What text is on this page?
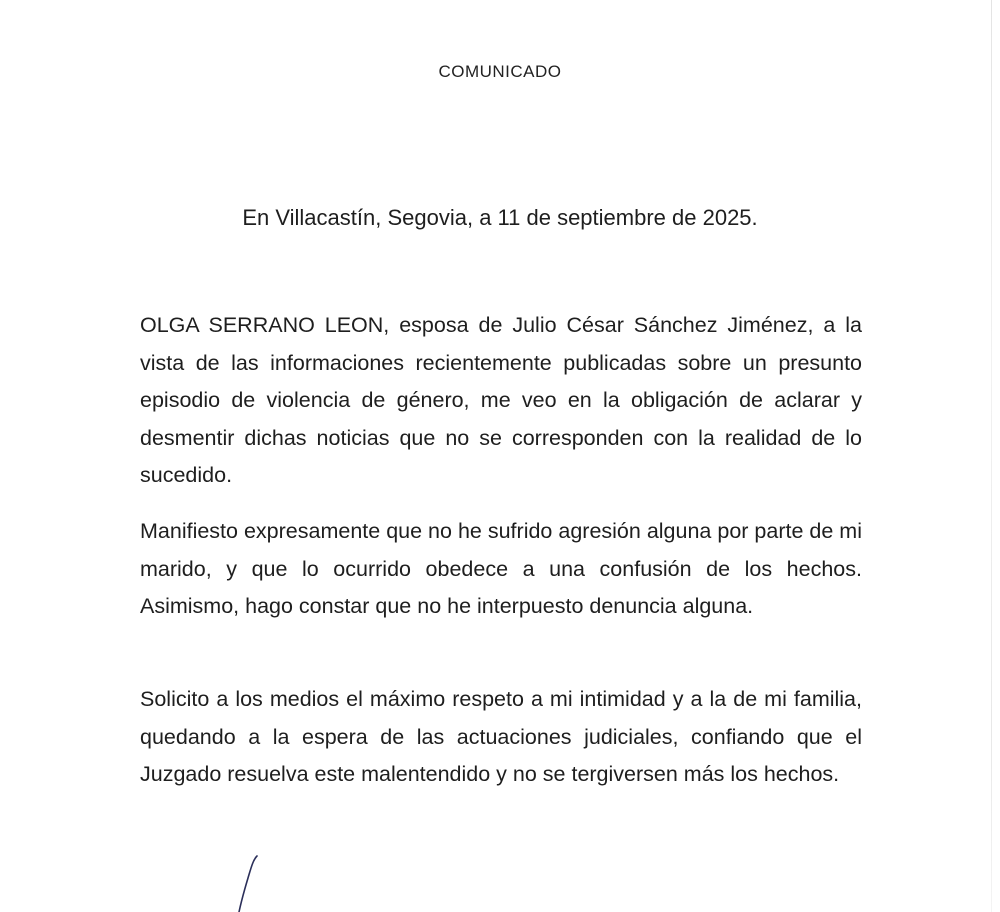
COMUNICADO
En Villacastín, Segovia, a 11 de septiembre de 2025.

OLGA SERRANO LEON, esposa de Julio César Sánchez Jiménez, a la vista de las informaciones recientemente publicadas sobre un presunto episodio de violencia de género, me veo en la obligación de aclarar y desmentir dichas noticias que no se corresponden con la realidad de lo sucedido.

Manifiesto expresamente que no he sufrido agresión alguna por parte de mi marido, y que lo ocurrido obedece a una confusión de los hechos. Asimismo, hago constar que no he interpuesto denuncia alguna.

Solicito a los medios el máximo respeto a mi intimidad y a la de mi familia, quedando a la espera de las actuaciones judiciales, confiando que el Juzgado resuelva este malentendido y no se tergiversen más los hechos.
